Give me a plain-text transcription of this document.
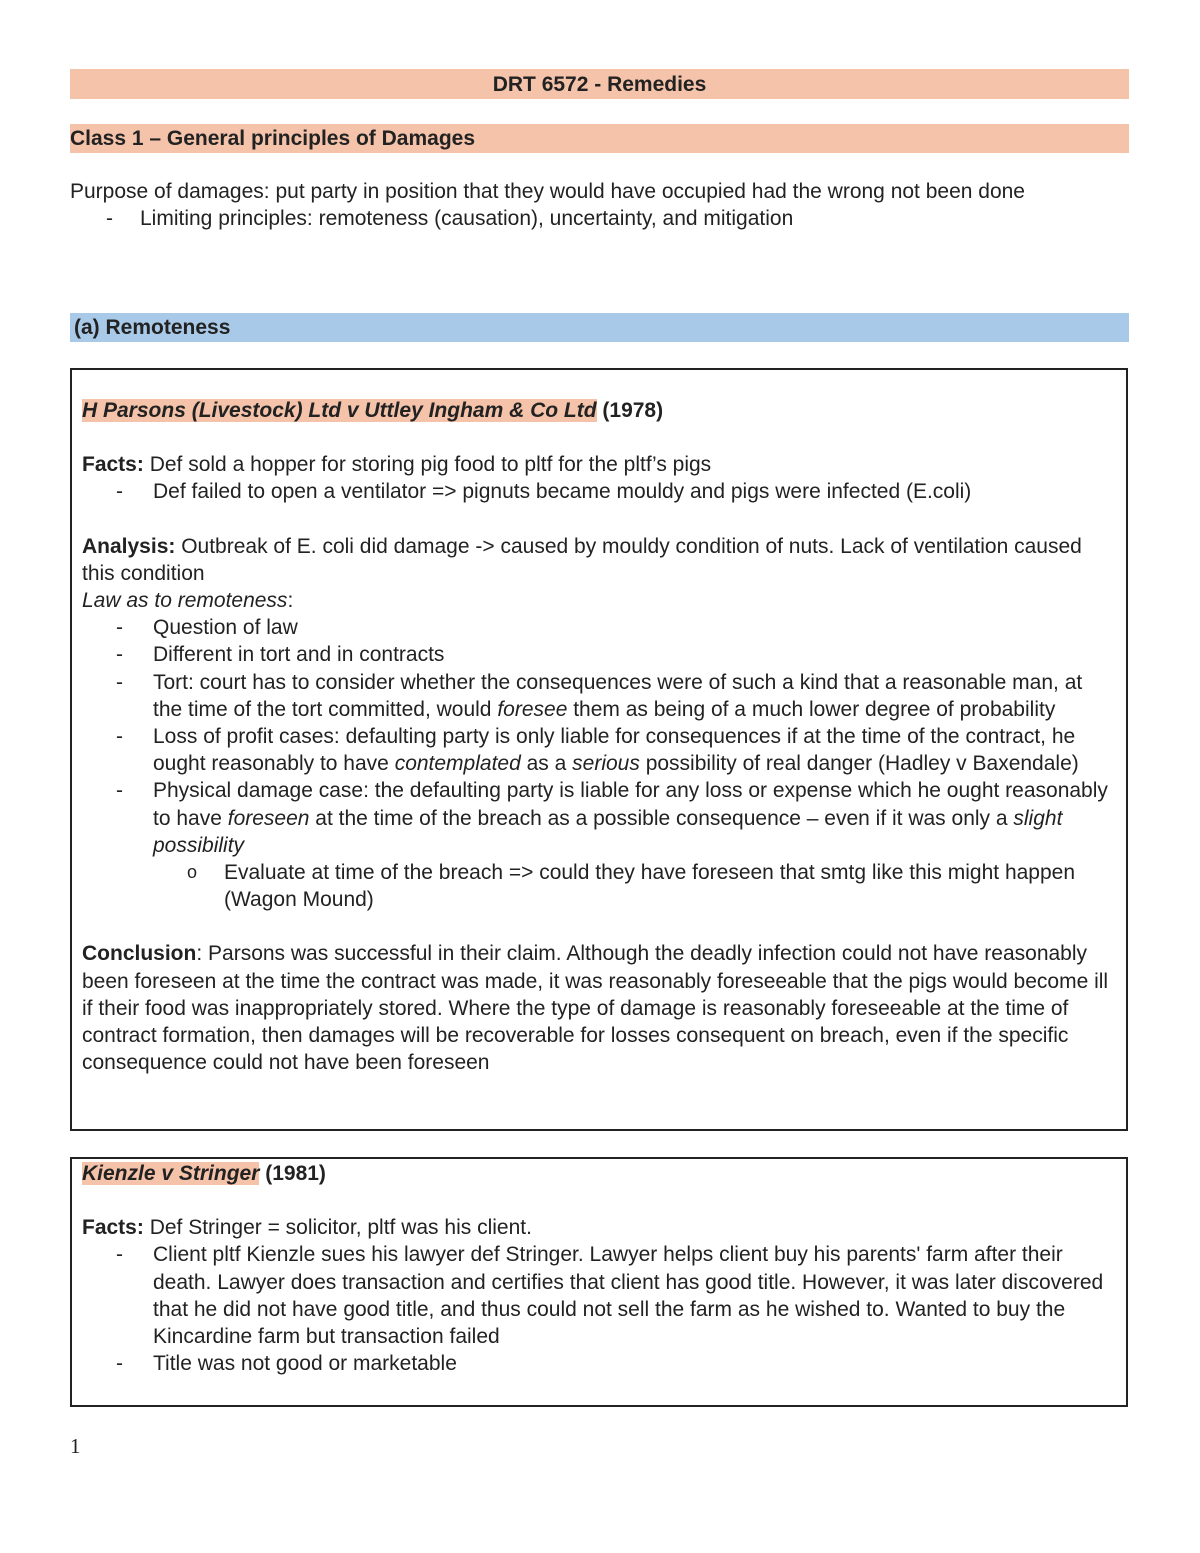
DRT 6572 - Remedies
Class 1 – General principles of Damages

Purpose of damages: put party in position that they would have occupied had the wrong not been done

- Limiting principles: remoteness (causation), uncertainty, and mitigation
(a) Remoteness

H Parsons (Livestock) Ltd v Uttley Ingham & Co Ltd (1978)

Facts: Def sold a hopper for storing pig food to pltf for the pltf’s pigs

- Def failed to open a ventilator => pignuts became mouldy and pigs were infected (E.coli)

Analysis: Outbreak of E. coli did damage -> caused by mouldy condition of nuts. Lack of ventilation caused this condition

Law as to remoteness:

- Question of law
- Different in tort and in contracts
- Tort: court has to consider whether the consequences were of such a kind that a reasonable man, at the time of the tort committed, would foresee them as being of a much lower degree of probability
- Loss of profit cases: defaulting party is only liable for consequences if at the time of the contract, he ought reasonably to have contemplated as a serious possibility of real danger (Hadley v Baxendale)
- Physical damage case: the defaulting party is liable for any loss or expense which he ought reasonably to have foreseen at the time of the breach as a possible consequence – even if it was only a slight possibility
o Evaluate at time of the breach => could they have foreseen that smtg like this might happen (Wagon Mound)

Conclusion: Parsons was successful in their claim. Although the deadly infection could not have reasonably been foreseen at the time the contract was made, it was reasonably foreseeable that the pigs would become ill if their food was inappropriately stored. Where the type of damage is reasonably foreseeable at the time of contract formation, then damages will be recoverable for losses consequent on breach, even if the specific consequence could not have been foreseen

Kienzle v Stringer (1981)

Facts: Def Stringer = solicitor, pltf was his client.

- Client pltf Kienzle sues his lawyer def Stringer. Lawyer helps client buy his parents' farm after their death. Lawyer does transaction and certifies that client has good title. However, it was later discovered that he did not have good title, and thus could not sell the farm as he wished to. Wanted to buy the Kincardine farm but transaction failed
- Title was not good or marketable
1
